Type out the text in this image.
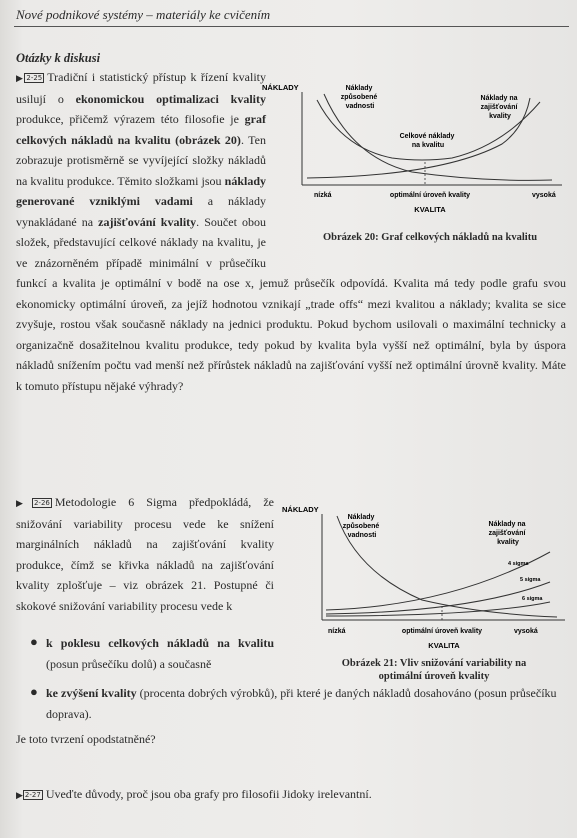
Nové podnikové systémy – materiály ke cvičením
Otázky k diskusi
▶ 2-25 Tradiční i statistický přístup k řízení kvality usilují o ekonomickou optimalizaci kvality produkce, přičemž výrazem této filosofie je graf celkových nákladů na kvalitu (obrázek 20). Ten zobrazuje protisměrně se vyvíjející složky nákladů na kvalitu produkce. Těmito složkami jsou náklady generované vzniklými vadami a náklady vynakládané na zajišťování kvality. Součet obou složek, představující celkové náklady na kvalitu, je ve znázorněném případě minimální v průsečíku funkcí a kvalita je optimální v bodě na ose x, jemuž průsečík odpovídá. Kvalita má tedy podle grafu svou ekonomicky optimální úroveň, za jejíž hodnotou vznikají „trade offs“ mezi kvalitou a náklady; kvalita se sice zvyšuje, rostou však současně náklady na jednici produktu. Pokud bychom usilovali o maximální technicky a organizačně dosažitelnou kvalitu produkce, tedy pokud by kvalita byla vyšší než optimální, byla by úspora nákladů snížením počtu vad menší než přírůstek nákladů na zajišťování vyšší než optimální úrovně kvality. Máte k tomuto přístupu nějaké výhrady?
NÁKLADY	Náklady způsobené vadnosti
Náklady na zajišťování kvality
Celkové náklady na kvalitu
nízká	optimální úroveň kvality	vysoká
KVALITA
Obrázek 20: Graf celkových nákladů na kvalitu
▶ 2-26 Metodologie 6 Sigma předpokládá, že snižování variability procesu vede ke snížení marginálních nákladů na zajišťování kvality produkce, čímž se křivka nákladů na zajišťování kvality zplošťuje – viz obrázek 21. Postupné či skokové snižování variability procesu vede k
● k poklesu celkových nákladů na kvalitu (posun průsečíku dolů) a současně
NÁKLADY
Náklady způsobené vadnosti
Náklady na zajišťování kvality
4 sigma
5 sigma
6 sigma
nízká	optimální úroveň kvality	vysoká
KVALITA
Obrázek 21: Vliv snižování variability na
optimální úroveň kvality
● ke zvýšení kvality (procenta dobrých výrobků), při které je daných nákladů dosahováno (posun průsečíku doprava).
Je toto tvrzení opodstatněné?
▶ 2-27 Uveďte důvody, proč jsou oba grafy pro filosofii Jidoky irelevantní.
